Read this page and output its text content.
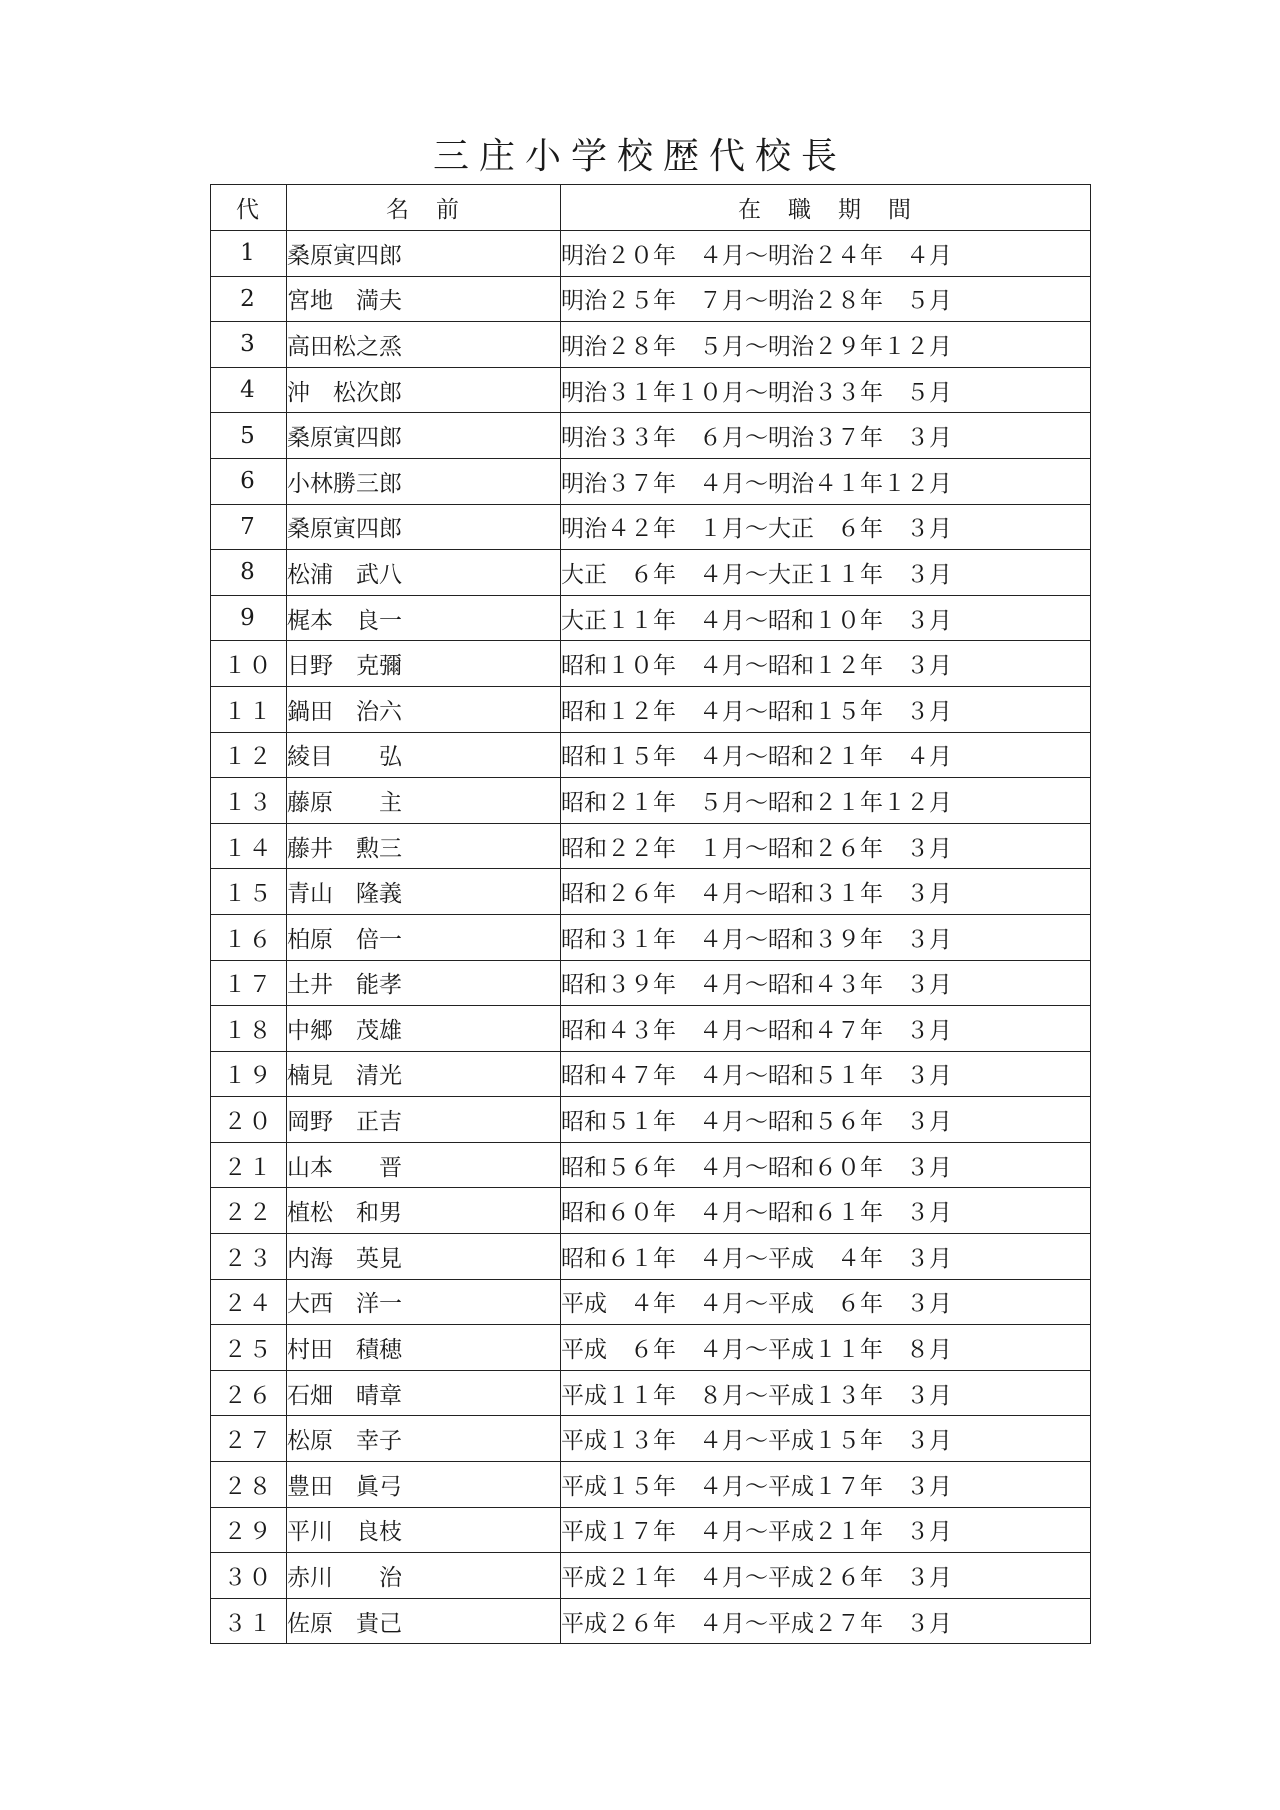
三庄小学校歴代校長
代	名　前	在　職　期　間
1	桑原寅四郎	明治２０年　４月～明治２４年　４月
2	宮地　満夫	明治２５年　７月～明治２８年　５月
3	高田松之烝	明治２８年　５月～明治２９年１２月
4	沖　松次郎	明治３１年１０月～明治３３年　５月
5	桑原寅四郎	明治３３年　６月～明治３７年　３月
6	小林勝三郎	明治３７年　４月～明治４１年１２月
7	桑原寅四郎	明治４２年　１月～大正　６年　３月
8	松浦　武八	大正　６年　４月～大正１１年　３月
9	梶本　良一	大正１１年　４月～昭和１０年　３月
１０	日野　克彌	昭和１０年　４月～昭和１２年　３月
１１	鍋田　治六	昭和１２年　４月～昭和１５年　３月
１２	綾目　　弘	昭和１５年　４月～昭和２１年　４月
１３	藤原　　主	昭和２１年　５月～昭和２１年１２月
１４	藤井　勲三	昭和２２年　１月～昭和２６年　３月
１５	青山　隆義	昭和２６年　４月～昭和３１年　３月
１６	柏原　倍一	昭和３１年　４月～昭和３９年　３月
１７	土井　能孝	昭和３９年　４月～昭和４３年　３月
１８	中郷　茂雄	昭和４３年　４月～昭和４７年　３月
１９	楠見　清光	昭和４７年　４月～昭和５１年　３月
２０	岡野　正吉	昭和５１年　４月～昭和５６年　３月
２１	山本　　晋	昭和５６年　４月～昭和６０年　３月
２２	植松　和男	昭和６０年　４月～昭和６１年　３月
２３	内海　英見	昭和６１年　４月～平成　４年　３月
２４	大西　洋一	平成　４年　４月～平成　６年　３月
２５	村田　積穂	平成　６年　４月～平成１１年　８月
２６	石畑　晴章	平成１１年　８月～平成１３年　３月
２７	松原　幸子	平成１３年　４月～平成１５年　３月
２８	豊田　眞弓	平成１５年　４月～平成１７年　３月
２９	平川　良枝	平成１７年　４月～平成２１年　３月
３０	赤川　　治	平成２１年　４月～平成２６年　３月
３１	佐原　貴己	平成２６年　４月～平成２７年　３月
